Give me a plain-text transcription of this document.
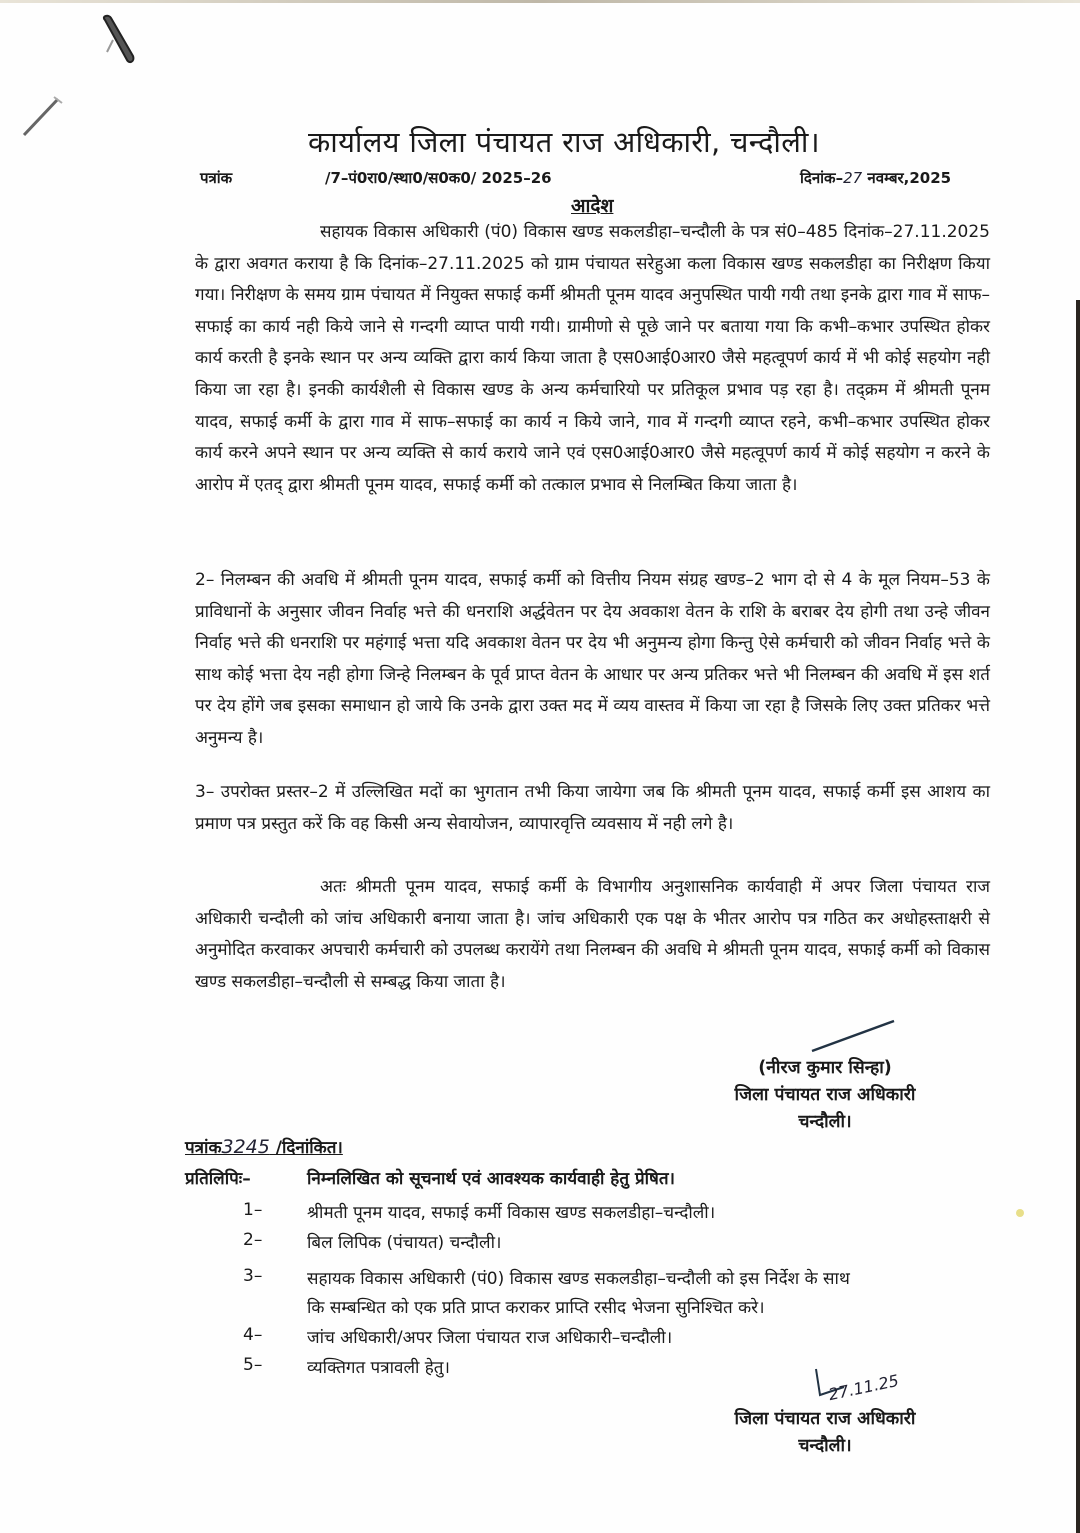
कार्यालय जिला पंचायत राज अधिकारी, चन्दौली।
पत्रांक	/7–पं0रा0/स्था0/स0क0/ 2025–26	दिनांक–27 नवम्बर,2025
आदेश
सहायक विकास अधिकारी (पं0) विकास खण्ड सकलडीहा–चन्दौली के पत्र सं0–485 दिनांक–27.11.2025 के द्वारा अवगत कराया है कि दिनांक–27.11.2025 को ग्राम पंचायत सरेहुआ कला विकास खण्ड सकलडीहा का निरीक्षण किया गया। निरीक्षण के समय ग्राम पंचायत में नियुक्त सफाई कर्मी श्रीमती पूनम यादव अनुपस्थित पायी गयी तथा इनके द्वारा गाव में साफ–सफाई का कार्य नही किये जाने से गन्दगी व्याप्त पायी गयी। ग्रामीणो से पूछे जाने पर बताया गया कि कभी–कभार उपस्थित होकर कार्य करती है इनके स्थान पर अन्य व्यक्ति द्वारा कार्य किया जाता है एस0आई0आर0 जैसे महत्वूपर्ण कार्य में भी कोई सहयोग नही किया जा रहा है। इनकी कार्यशैली से विकास खण्ड के अन्य कर्मचारियो पर प्रतिकूल प्रभाव पड़ रहा है। तद्क्रम में श्रीमती पूनम यादव, सफाई कर्मी के द्वारा गाव में साफ–सफाई का कार्य न किये जाने, गाव में गन्दगी व्याप्त रहने, कभी–कभार उपस्थित होकर कार्य करने अपने स्थान पर अन्य व्यक्ति से कार्य कराये जाने एवं एस0आई0आर0 जैसे महत्वूपर्ण कार्य में कोई सहयोग न करने के आरोप में एतद् द्वारा श्रीमती पूनम यादव, सफाई कर्मी को तत्काल प्रभाव से निलम्बित किया जाता है।
2– निलम्बन की अवधि में श्रीमती पूनम यादव, सफाई कर्मी को वित्तीय नियम संग्रह खण्ड–2 भाग दो से 4 के मूल नियम–53 के प्राविधानों के अनुसार जीवन निर्वाह भत्ते की धनराशि अर्द्धवेतन पर देय अवकाश वेतन के राशि के बराबर देय होगी तथा उन्हे जीवन निर्वाह भत्ते की धनराशि पर महंगाई भत्ता यदि अवकाश वेतन पर देय भी अनुमन्य होगा किन्तु ऐसे कर्मचारी को जीवन निर्वाह भत्ते के साथ कोई भत्ता देय नही होगा जिन्हे निलम्बन के पूर्व प्राप्त वेतन के आधार पर अन्य प्रतिकर भत्ते भी निलम्बन की अवधि में इस शर्त पर देय होंगे जब इसका समाधान हो जाये कि उनके द्वारा उक्त मद में व्यय वास्तव में किया जा रहा है जिसके लिए उक्त प्रतिकर भत्ते अनुमन्य है।
3– उपरोक्त प्रस्तर–2 में उल्लिखित मदों का भुगतान तभी किया जायेगा जब कि श्रीमती पूनम यादव, सफाई कर्मी इस आशय का प्रमाण पत्र प्रस्तुत करें कि वह किसी अन्य सेवायोजन, व्यापारवृत्ति व्यवसाय में नही लगे है।
अतः श्रीमती पूनम यादव, सफाई कर्मी के विभागीय अनुशासनिक कार्यवाही में अपर जिला पंचायत राज अधिकारी चन्दौली को जांच अधिकारी बनाया जाता है। जांच अधिकारी एक पक्ष के भीतर आरोप पत्र गठित कर अधोहस्ताक्षरी से अनुमोदित करवाकर अपचारी कर्मचारी को उपलब्ध करायेंगे तथा निलम्बन की अवधि मे श्रीमती पूनम यादव, सफाई कर्मी को विकास खण्ड सकलडीहा–चन्दौली से सम्बद्ध किया जाता है।
(नीरज कुमार सिन्हा)
जिला पंचायत राज अधिकारी
चन्दौली।
पत्रांक3245 /दिनांकित।
प्रतिलिपिः–	निम्नलिखित को सूचनार्थ एवं आवश्यक कार्यवाही हेतु प्रेषित।
1–	श्रीमती पूनम यादव, सफाई कर्मी विकास खण्ड सकलडीहा–चन्दौली।
2–	बिल लिपिक (पंचायत) चन्दौली।
3–	सहायक विकास अधिकारी (पं0) विकास खण्ड सकलडीहा–चन्दौली को इस निर्देश के साथ
कि सम्बन्धित को एक प्रति प्राप्त कराकर प्राप्ति रसीद भेजना सुनिश्चित करे।
4–	जांच अधिकारी/अपर जिला पंचायत राज अधिकारी–चन्दौली।
5–	व्यक्तिगत पत्रावली हेतु।
27.11.25
जिला पंचायत राज अधिकारी
चन्दौली।
